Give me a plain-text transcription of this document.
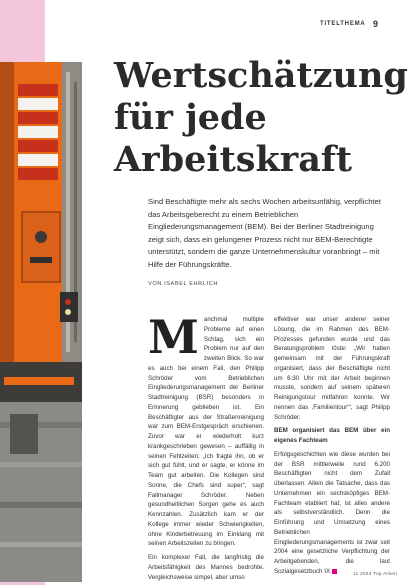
TITELTHEMA 9
Wertschätzung
für jede
Arbeitskraft

Sind Beschäftigte mehr als sechs Wochen arbeitsunfähig, verpflichtet das Arbeitsgeberecht zu einem Betrieblichen Eingliederungsmanagement (BEM). Bei der Berliner Stadtreinigung zeigt sich, dass ein gelungener Prozess nicht nur BEM-Berechtigte unterstützt, sondern die ganze Unternehmenskultur voranbringt – mit Hilfe der Führungskräfte.

VON ISABEL EHRLICH

Manchmal multiple Probleme auf einen Schlag, sich ein Problem nur auf den zweiten Blick. So war es auch bei einem Fall, den Philipp Schröder vom Betrieblichen Eingliederungsmanagement der Berliner Stadtreinigung (BSR) besonders in Erinnerung geblieben ist. Ein Beschäftigter aus der Straßenreinigung war zum BEM-Erstgespräch erschienen. Zuvor war er wiederholt kurz krankgeschrieben gewesen – auffällig in seinen Fehlzeiten: „Ich fragte ihn, ob er sich gut fühlt, und er sagte, er könne im Team gut arbeiten. Die Kollegen sind Sonne, die Chefs sind super“, sagt Fallmanager Schröder. Neben gesundheitlichen Sorgen gehe es auch Kennzahlen. Zusätzlich kam er der Kollege immer wieder Schwierigkeiten, ohne Kinderbetreuung im Einklang mit seinen Arbeitszeiten zu bringen.

Ein komplexer Fall, die langfristig die Arbeitsfähigkeit des Mannes bedrohte. Vergleichsweise simpel, aber umso

effektiver war unser anderer seiner Lösung, die im Rahmen des BEM-Prozesses gefunden wurde und das Beratungsproblem löste: „Wir haben gemeinsam mit der Führungskraft organisiert, dass der Beschäftigte nicht um 6:30 Uhr mit der Arbeit beginnen musste, sondern auf seinem späteren Reinigungstour mitfahren konnte. Wir nennen das ‚Familientour‘“, sagt Philipp Schröder.

BEM organisiert das BEM über ein eigenes Fachteam

Erfolgsgeschichten wie diese wurden bei der BSR mittlerweile rund 6.200 Beschäftigten nicht dem Zufall überlassen. Allein die Tatsache, dass das Unternehmen ein sechsköpfiges BEM-Fachteam etabliert hat, ist alles andere als selbstverständlich. Denn die Einführung und Umsetzung eines Betrieblichen Eingliederungsmanagements ist zwar seit 2004 eine gesetzliche Verpflichtung der Arbeitgebenden, die laut Sozialgesetzbuch IX	11 2024 Top Arbeit
